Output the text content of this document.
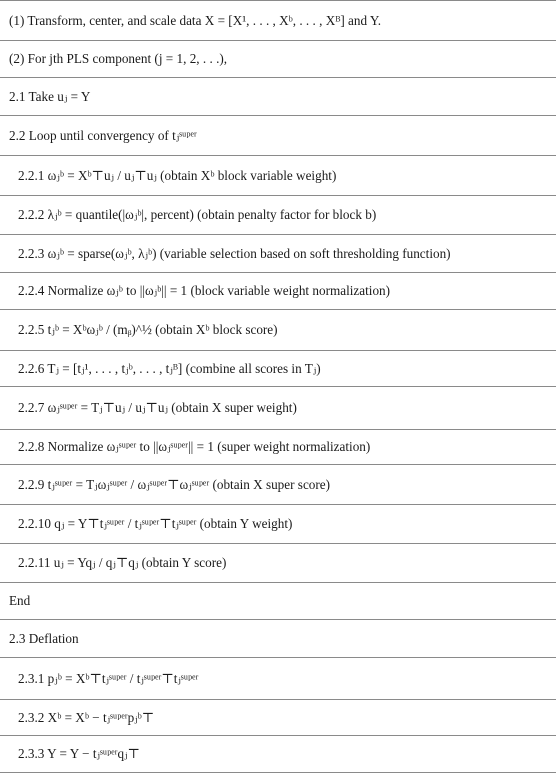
(1) Transform, center, and scale data X = [X¹, . . . , Xᵇ, . . . , Xᴮ] and Y.

(2) For jth PLS component (j = 1, 2, . . .),

2.1 Take uⱼ = Y

2.2 Loop until convergency of tⱼˢᵘᵖᵉʳ

2.2.1 ωⱼᵇ = Xᵇ⊤uⱼ / uⱼ⊤uⱼ (obtain Xᵇ block variable weight)

2.2.2 λⱼᵇ = quantile(|ωⱼᵇ|, percent) (obtain penalty factor for block b)

2.2.3 ωⱼᵇ = sparse(ωⱼᵇ, λⱼᵇ) (variable selection based on soft thresholding function)

2.2.4 Normalize ωⱼᵇ to ||ωⱼᵇ|| = 1 (block variable weight normalization)

2.2.5 tⱼᵇ = Xᵇωⱼᵇ / (mᵦ)^½ (obtain Xᵇ block score)

2.2.6 Tⱼ = [tⱼ¹, . . . , tⱼᵇ, . . . , tⱼᴮ] (combine all scores in Tⱼ)

2.2.7 ωⱼˢᵘᵖᵉʳ = Tⱼ⊤uⱼ / uⱼ⊤uⱼ (obtain X super weight)

2.2.8 Normalize ωⱼˢᵘᵖᵉʳ to ||ωⱼˢᵘᵖᵉʳ|| = 1 (super weight normalization)

2.2.9 tⱼˢᵘᵖᵉʳ = Tⱼωⱼˢᵘᵖᵉʳ / ωⱼˢᵘᵖᵉʳ⊤ωⱼˢᵘᵖᵉʳ (obtain X super score)

2.2.10 qⱼ = Y⊤tⱼˢᵘᵖᵉʳ / tⱼˢᵘᵖᵉʳ⊤tⱼˢᵘᵖᵉʳ (obtain Y weight)

2.2.11 uⱼ = Yqⱼ / qⱼ⊤qⱼ (obtain Y score)

End

2.3 Deflation

2.3.1 pⱼᵇ = Xᵇ⊤tⱼˢᵘᵖᵉʳ / tⱼˢᵘᵖᵉʳ⊤tⱼˢᵘᵖᵉʳ

2.3.2 Xᵇ = Xᵇ − tⱼˢᵘᵖᵉʳpⱼᵇ⊤

2.3.3 Y = Y − tⱼˢᵘᵖᵉʳqⱼ⊤
